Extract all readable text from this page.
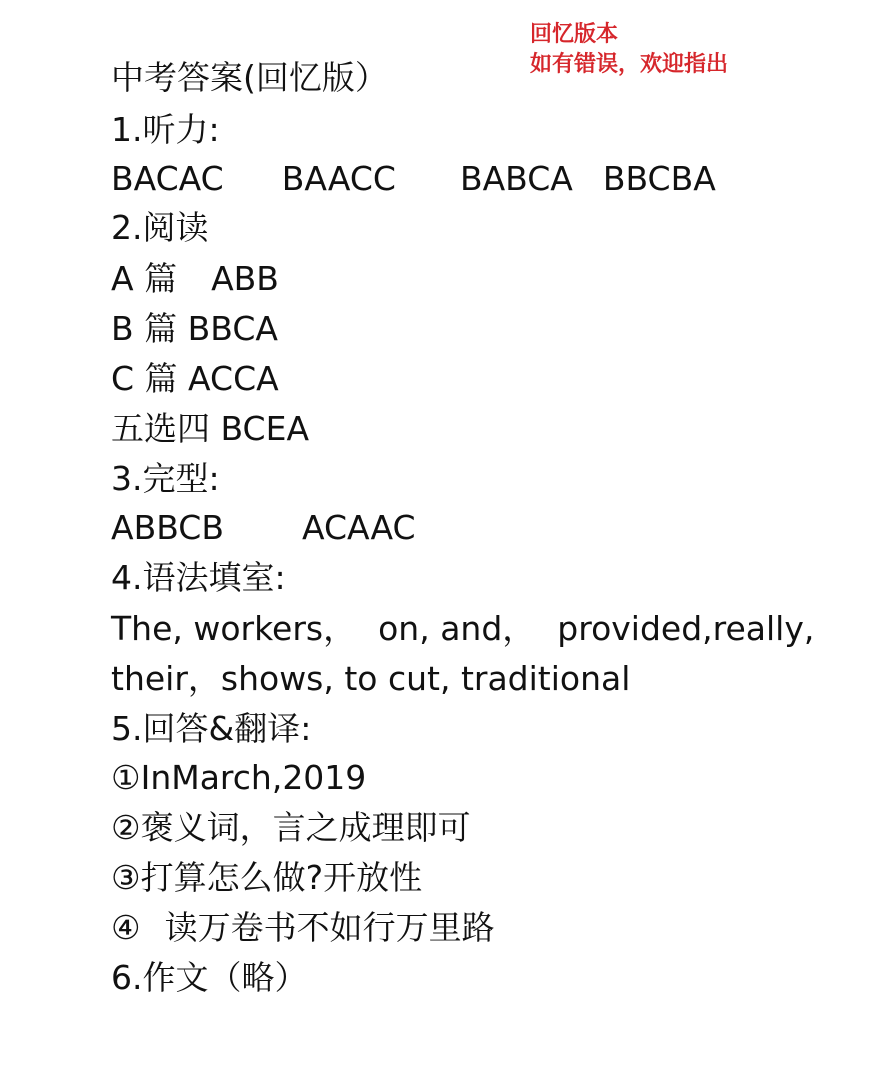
回忆版本
如有错误，欢迎指出
中考答案(回忆版）
1.听力:
BACAC BAACC BABCA BBCBA
2.阅读
A 篇 ABB
B 篇 BBCA
C 篇 ACCA
五选四 BCEA
3.完型:
ABBCB ACAAC
4.语法填室:
The, workers， on, and， provided,really,
their，shows, to cut, traditional
5.回答&翻译:
①InMarch,2019
②褒义词，言之成理即可
③打算怎么做?开放性
④ 读万卷书不如行万里路
6.作文（略）
